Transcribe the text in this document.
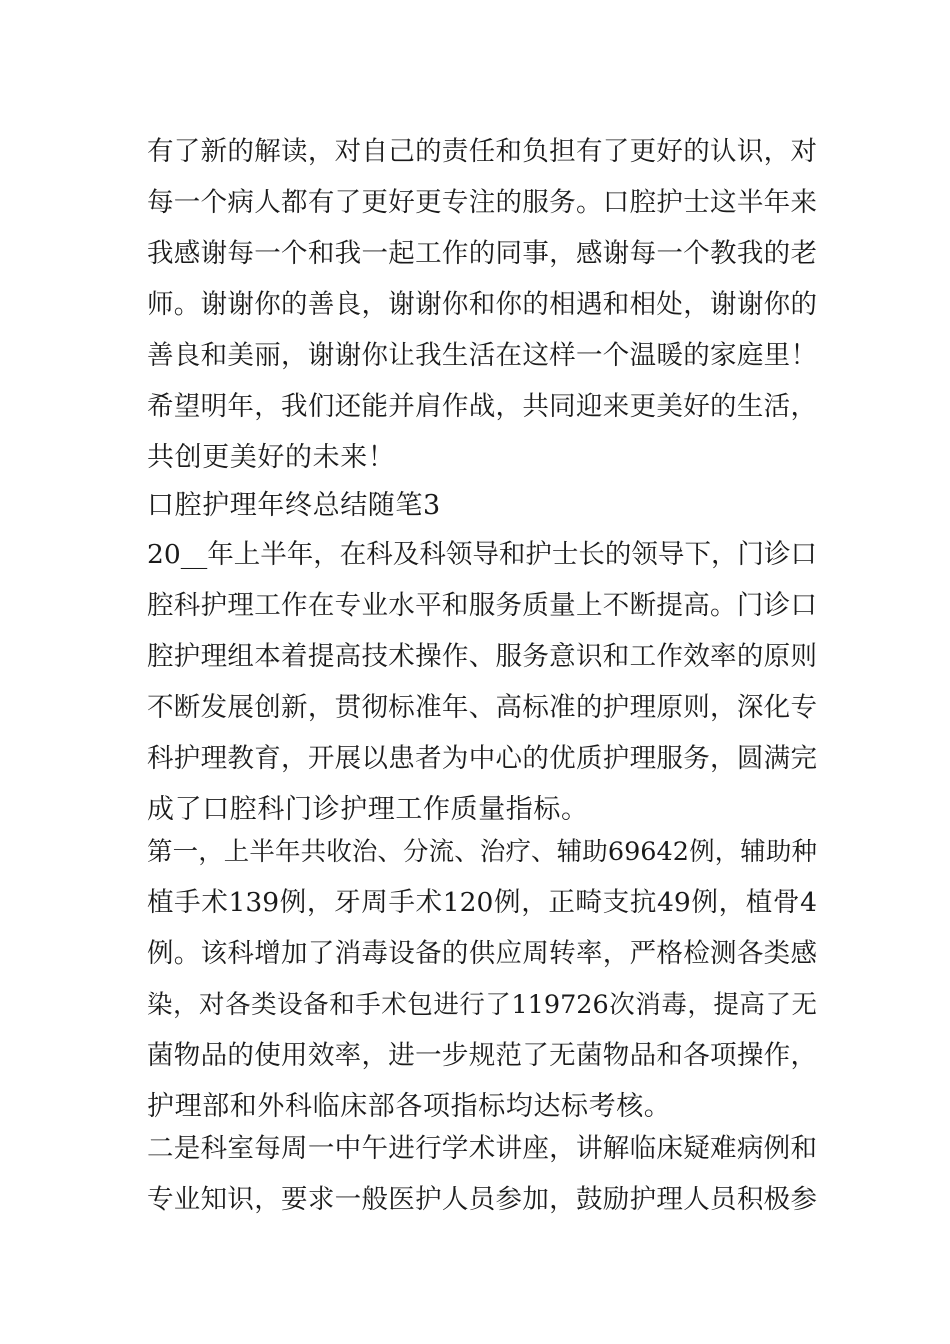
有了新的解读，对自己的责任和负担有了更好的认识，对
每一个病人都有了更好更专注的服务。口腔护士这半年来
我感谢每一个和我一起工作的同事，感谢每一个教我的老
师。谢谢你的善良，谢谢你和你的相遇和相处，谢谢你的
善良和美丽，谢谢你让我生活在这样一个温暖的家庭里！
希望明年，我们还能并肩作战，共同迎来更美好的生活，
共创更美好的未来！
口腔护理年终总结随笔3
20__年上半年，在科及科领导和护士长的领导下，门诊口
腔科护理工作在专业水平和服务质量上不断提高。门诊口
腔护理组本着提高技术操作、服务意识和工作效率的原则
不断发展创新，贯彻标准年、高标准的护理原则，深化专
科护理教育，开展以患者为中心的优质护理服务，圆满完
成了口腔科门诊护理工作质量指标。
第一，上半年共收治、分流、治疗、辅助69642例，辅助种
植手术139例，牙周手术120例，正畸支抗49例，植骨4
例。该科增加了消毒设备的供应周转率，严格检测各类感
染，对各类设备和手术包进行了119726次消毒，提高了无
菌物品的使用效率，进一步规范了无菌物品和各项操作，
护理部和外科临床部各项指标均达标考核。
二是科室每周一中午进行学术讲座，讲解临床疑难病例和
专业知识，要求一般医护人员参加，鼓励护理人员积极参
